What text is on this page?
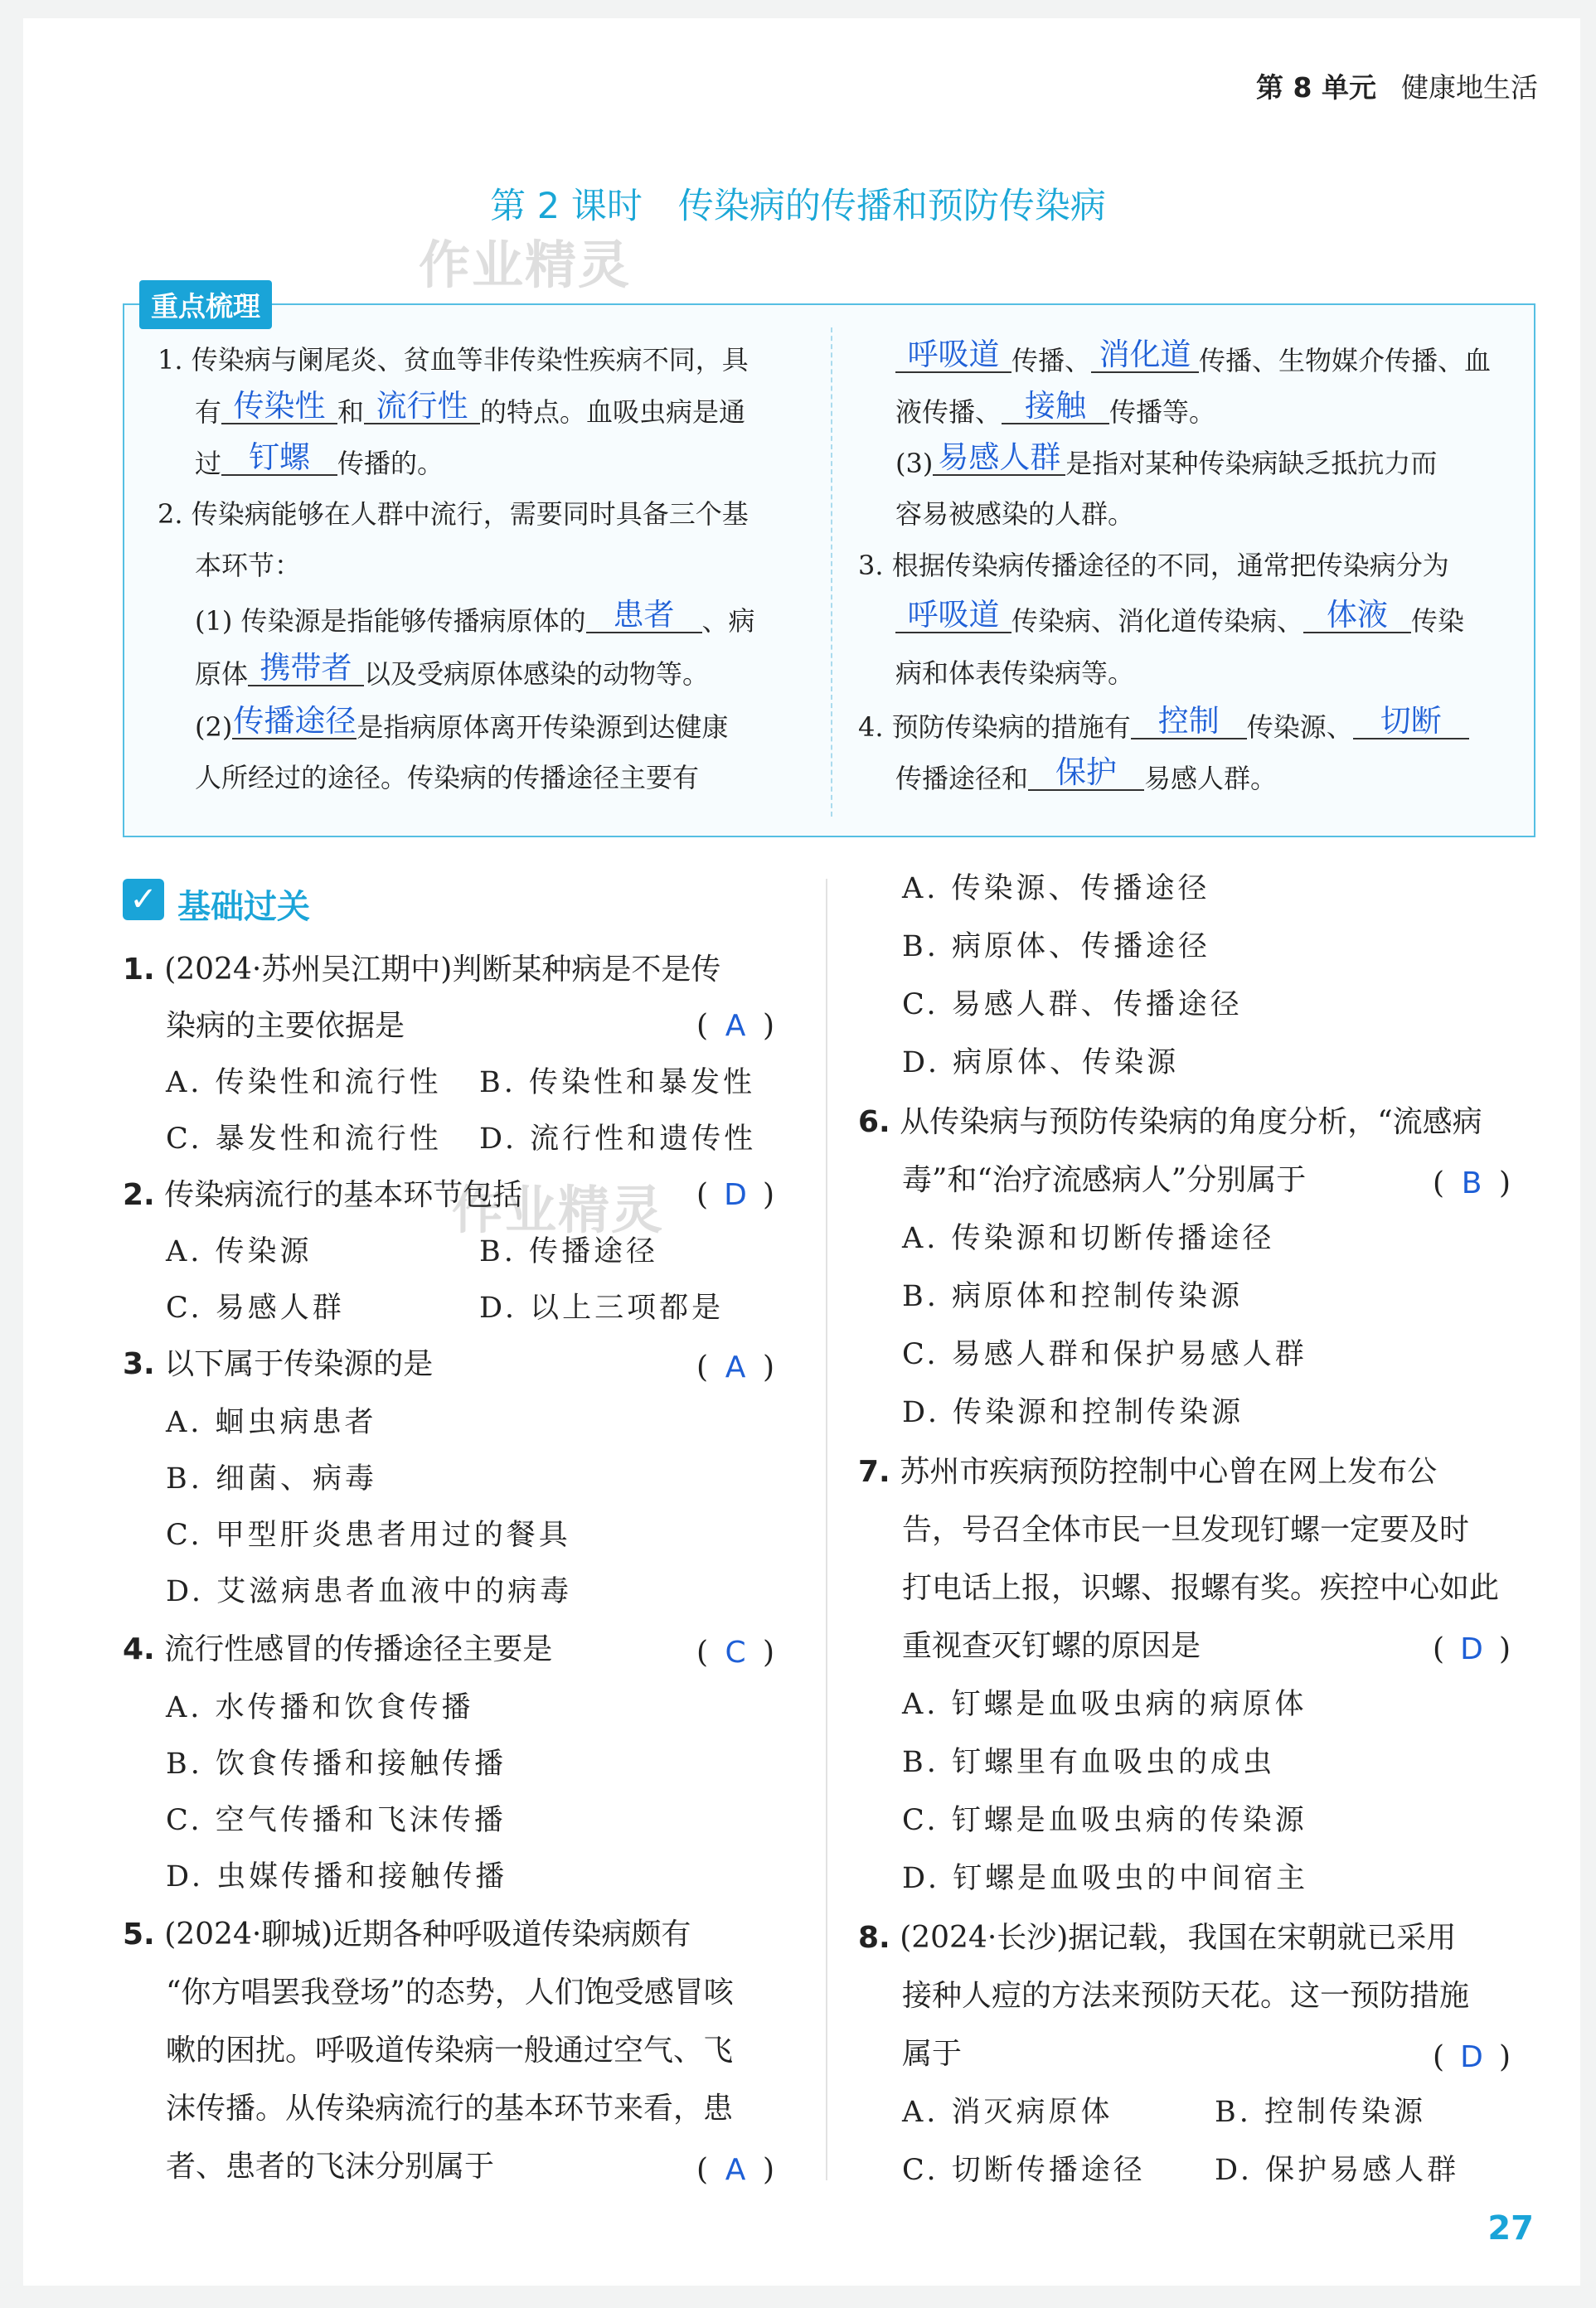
第 8 单元 健康地生活
第 2 课时　传染病的传播和预防传染病
作业精灵
作业精灵
重点梳理
1. 传染病与阑尾炎、贫血等非传染性疾病不同，具
有 传染性 和 流行性 的特点。血吸虫病是通
过 钉螺 传播的。
2. 传染病能够在人群中流行，需要同时具备三个基
本环节：
(1) 传染源是指能够传播病原体的 患者 、病
原体 携带者 以及受病原体感染的动物等。
(2)传播途径是指病原体离开传染源到达健康
人所经过的途径。传染病的传播途径主要有
呼吸道 传播、 消化道 传播、生物媒介传播、血
液传播、 接触 传播等。
(3) 易感人群 是指对某种传染病缺乏抵抗力而
容易被感染的人群。
3. 根据传染病传播途径的不同，通常把传染病分为
呼吸道 传染病、消化道传染病、 体液 传染
病和体表传染病等。
4. 预防传染病的措施有 控制 传染源、 切断
传播途径和 保护 易感人群。
✓ 基础过关
1. (2024·苏州吴江期中)判断某种病是不是传
染病的主要依据是	( A )
A. 传染性和流行性 B. 传染性和暴发性
C. 暴发性和流行性 D. 流行性和遗传性
2. 传染病流行的基本环节包括	( D )
A. 传染源	B. 传播途径
C. 易感人群	D. 以上三项都是
3. 以下属于传染源的是	( A )
A. 蛔虫病患者
B. 细菌、病毒
C. 甲型肝炎患者用过的餐具
D. 艾滋病患者血液中的病毒
4. 流行性感冒的传播途径主要是	( C )
A. 水传播和饮食传播
B. 饮食传播和接触传播
C. 空气传播和飞沫传播
D. 虫媒传播和接触传播
5. (2024·聊城)近期各种呼吸道传染病颇有
“你方唱罢我登场”的态势，人们饱受感冒咳
嗽的困扰。呼吸道传染病一般通过空气、飞
沫传播。从传染病流行的基本环节来看，患
者、患者的飞沫分别属于	( A )
A. 传染源、传播途径
B. 病原体、传播途径
C. 易感人群、传播途径
D. 病原体、传染源
6. 从传染病与预防传染病的角度分析，“流感病
毒”和“治疗流感病人”分别属于	( B )
A. 传染源和切断传播途径
B. 病原体和控制传染源
C. 易感人群和保护易感人群
D. 传染源和控制传染源
7. 苏州市疾病预防控制中心曾在网上发布公
告，号召全体市民一旦发现钉螺一定要及时
打电话上报，识螺、报螺有奖。疾控中心如此
重视查灭钉螺的原因是	( D )
A. 钉螺是血吸虫病的病原体
B. 钉螺里有血吸虫的成虫
C. 钉螺是血吸虫病的传染源
D. 钉螺是血吸虫的中间宿主
8. (2024·长沙)据记载，我国在宋朝就已采用
接种人痘的方法来预防天花。这一预防措施
属于	( D )
A. 消灭病原体	B. 控制传染源
C. 切断传播途径 D. 保护易感人群
27
